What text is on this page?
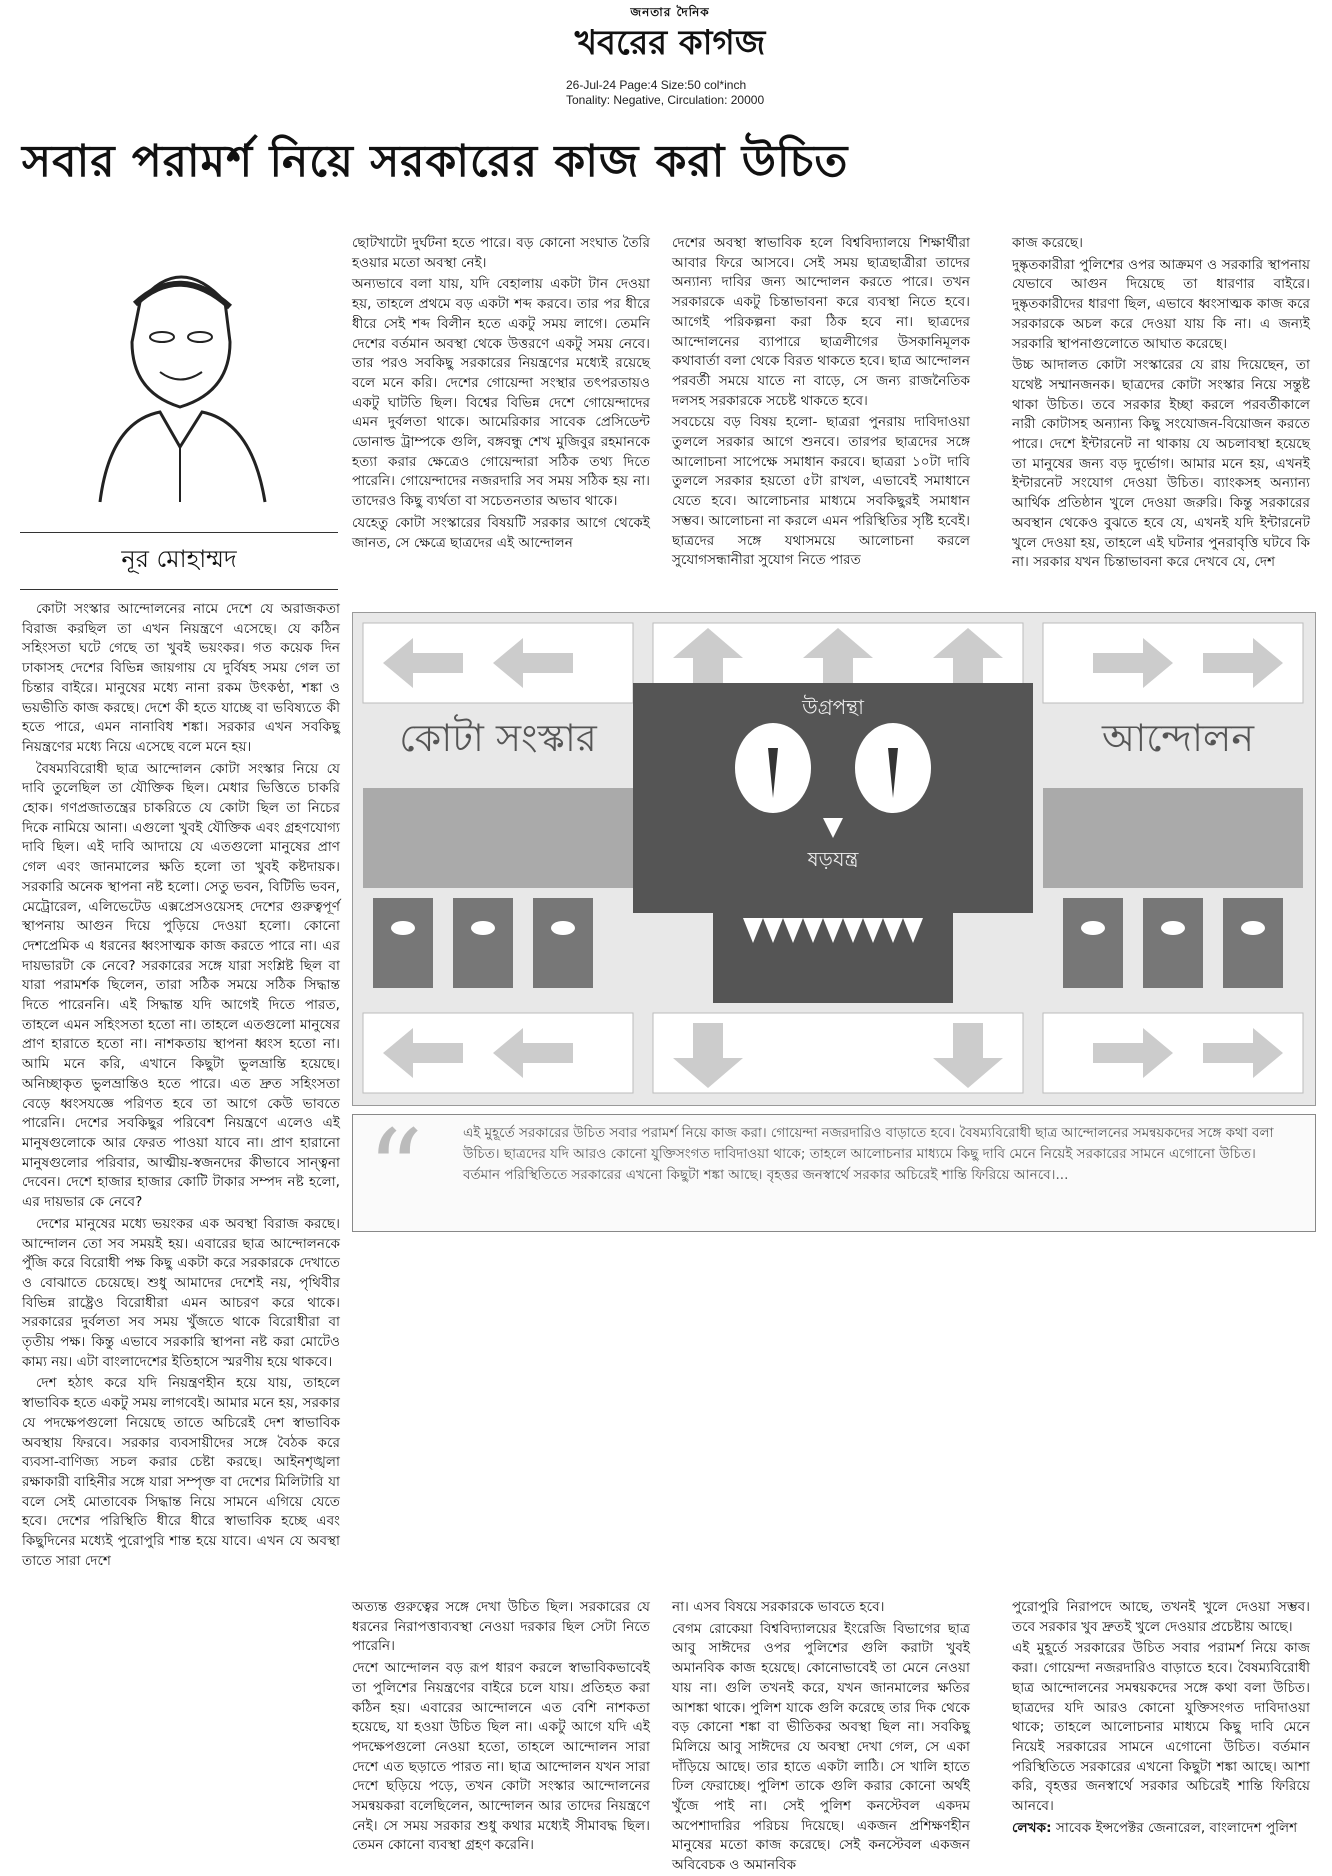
জনতার দৈনিক
খবরের কাগজ
26-Jul-24 Page:4 Size:50 col*inch
Tonality: Negative, Circulation: 20000
সবার পরামর্শ নিয়ে সরকারের কাজ করা উচিত
নূর মোহাম্মদ

কোটা সংস্কার আন্দোলনের নামে দেশে যে অরাজকতা বিরাজ করছিল তা এখন নিয়ন্ত্রণে এসেছে। যে কঠিন সহিংসতা ঘটে গেছে তা খুবই ভয়ংকর। গত কয়েক দিন ঢাকাসহ দেশের বিভিন্ন জায়গায় যে দুর্বিষহ সময় গেল তা চিন্তার বাইরে। মানুষের মধ্যে নানা রকম উৎকণ্ঠা, শঙ্কা ও ভয়ভীতি কাজ করছে। দেশে কী হতে যাচ্ছে বা ভবিষ্যতে কী হতে পারে, এমন নানাবিধ শঙ্কা। সরকার এখন সবকিছু নিয়ন্ত্রণের মধ্যে নিয়ে এসেছে বলে মনে হয়।

বৈষম্যবিরোধী ছাত্র আন্দোলন কোটা সংস্কার নিয়ে যে দাবি তুলেছিল তা যৌক্তিক ছিল। মেধার ভিত্তিতে চাকরি হোক। গণপ্রজাতন্ত্রের চাকরিতে যে কোটা ছিল তা নিচের দিকে নামিয়ে আনা। এগুলো খুবই যৌক্তিক এবং গ্রহণযোগ্য দাবি ছিল। এই দাবি আদায়ে যে এতগুলো মানুষের প্রাণ গেল এবং জানমালের ক্ষতি হলো তা খুবই কষ্টদায়ক। সরকারি অনেক স্থাপনা নষ্ট হলো। সেতু ভবন, বিটিভি ভবন, মেট্রোরেল, এলিভেটেড এক্সপ্রেসওয়েসহ দেশের গুরুত্বপূর্ণ স্থাপনায় আগুন দিয়ে পুড়িয়ে দেওয়া হলো। কোনো দেশপ্রেমিক এ ধরনের ধ্বংসাত্মক কাজ করতে পারে না। এর দায়ভারটা কে নেবে? সরকারের সঙ্গে যারা সংশ্লিষ্ট ছিল বা যারা পরামর্শক ছিলেন, তারা সঠিক সময়ে সঠিক সিদ্ধান্ত দিতে পারেননি। এই সিদ্ধান্ত যদি আগেই দিতে পারত, তাহলে এমন সহিংসতা হতো না। তাহলে এতগুলো মানুষের প্রাণ হারাতে হতো না। নাশকতায় স্থাপনা ধ্বংস হতো না। আমি মনে করি, এখানে কিছুটা ভুলভ্রান্তি হয়েছে। অনিচ্ছাকৃত ভুলভ্রান্তিও হতে পারে। এত দ্রুত সহিংসতা বেড়ে ধ্বংসযজ্ঞে পরিণত হবে তা আগে কেউ ভাবতে পারেনি। দেশের সবকিছুর পরিবেশ নিয়ন্ত্রণে এলেও এই মানুষগুলোকে আর ফেরত পাওয়া যাবে না। প্রাণ হারানো মানুষগুলোর পরিবার, আত্মীয়-স্বজনদের কীভাবে সান্ত্বনা দেবেন। দেশে হাজার হাজার কোটি টাকার সম্পদ নষ্ট হলো, এর দায়ভার কে নেবে?

দেশের মানুষের মধ্যে ভয়ংকর এক অবস্থা বিরাজ করছে। আন্দোলন তো সব সময়ই হয়। এবারের ছাত্র আন্দোলনকে পুঁজি করে বিরোধী পক্ষ কিছু একটা করে সরকারকে দেখাতে ও বোঝাতে চেয়েছে। শুধু আমাদের দেশেই নয়, পৃথিবীর বিভিন্ন রাষ্ট্রেও বিরোধীরা এমন আচরণ করে থাকে। সরকারের দুর্বলতা সব সময় খুঁজতে থাকে বিরোধীরা বা তৃতীয় পক্ষ। কিন্তু এভাবে সরকারি স্থাপনা নষ্ট করা মোটেও কাম্য নয়। এটা বাংলাদেশের ইতিহাসে স্মরণীয় হয়ে থাকবে।

দেশ হঠাৎ করে যদি নিয়ন্ত্রণহীন হয়ে যায়, তাহলে স্বাভাবিক হতে একটু সময় লাগবেই। আমার মনে হয়, সরকার যে পদক্ষেপগুলো নিয়েছে তাতে অচিরেই দেশ স্বাভাবিক অবস্থায় ফিরবে। সরকার ব্যবসায়ীদের সঙ্গে বৈঠক করে ব্যবসা-বাণিজ্য সচল করার চেষ্টা করছে। আইনশৃঙ্খলা রক্ষাকারী বাহিনীর সঙ্গে যারা সম্পৃক্ত বা দেশের মিলিটারি যা বলে সেই মোতাবেক সিদ্ধান্ত নিয়ে সামনে এগিয়ে যেতে হবে। দেশের পরিস্থিতি ধীরে ধীরে স্বাভাবিক হচ্ছে এবং কিছুদিনের মধ্যেই পুরোপুরি শান্ত হয়ে যাবে। এখন যে অবস্থা তাতে সারা দেশে

ছোটখাটো দুর্ঘটনা হতে পারে। বড় কোনো সংঘাত তৈরি হওয়ার মতো অবস্থা নেই।

অন্যভাবে বলা যায়, যদি বেহালায় একটা টান দেওয়া হয়, তাহলে প্রথমে বড় একটা শব্দ করবে। তার পর ধীরে ধীরে সেই শব্দ বিলীন হতে একটু সময় লাগে। তেমনি দেশের বর্তমান অবস্থা থেকে উত্তরণে একটু সময় নেবে। তার পরও সবকিছু সরকারের নিয়ন্ত্রণের মধ্যেই রয়েছে বলে মনে করি। দেশের গোয়েন্দা সংস্থার তৎপরতায়ও একটু ঘাটতি ছিল। বিশ্বের বিভিন্ন দেশে গোয়েন্দাদের এমন দুর্বলতা থাকে। আমেরিকার সাবেক প্রেসিডেন্ট ডোনাল্ড ট্রাম্পকে গুলি, বঙ্গবন্ধু শেখ মুজিবুর রহমানকে হত্যা করার ক্ষেত্রেও গোয়েন্দারা সঠিক তথ্য দিতে পারেনি। গোয়েন্দাদের নজরদারি সব সময় সঠিক হয় না। তাদেরও কিছু ব্যর্থতা বা সচেতনতার অভাব থাকে।

যেহেতু কোটা সংস্কারের বিষয়টি সরকার আগে থেকেই জানত, সে ক্ষেত্রে ছাত্রদের এই আন্দোলন

দেশের অবস্থা স্বাভাবিক হলে বিশ্ববিদ্যালয়ে শিক্ষার্থীরা আবার ফিরে আসবে। সেই সময় ছাত্রছাত্রীরা তাদের অন্যান্য দাবির জন্য আন্দোলন করতে পারে। তখন সরকারকে একটু চিন্তাভাবনা করে ব্যবস্থা নিতে হবে। আগেই পরিকল্পনা করা ঠিক হবে না। ছাত্রদের আন্দোলনের ব্যাপারে ছাত্রলীগের উসকানিমূলক কথাবার্তা বলা থেকে বিরত থাকতে হবে। ছাত্র আন্দোলন পরবর্তী সময়ে যাতে না বাড়ে, সে জন্য রাজনৈতিক দলসহ সরকারকে সচেষ্ট থাকতে হবে।

সবচেয়ে বড় বিষয় হলো- ছাত্ররা পুনরায় দাবিদাওয়া তুললে সরকার আগে শুনবে। তারপর ছাত্রদের সঙ্গে আলোচনা সাপেক্ষে সমাধান করবে। ছাত্ররা ১০টা দাবি তুললে সরকার হয়তো ৫টা রাখল, এভাবেই সমাধানে যেতে হবে। আলোচনার মাধ্যমে সবকিছুরই সমাধান সম্ভব। আলোচনা না করলে এমন পরিস্থিতির সৃষ্টি হবেই। ছাত্রদের সঙ্গে যথাসময়ে আলোচনা করলে সুযোগসন্ধানীরা সুযোগ নিতে পারত

কাজ করেছে।

দুষ্কৃতকারীরা পুলিশের ওপর আক্রমণ ও সরকারি স্থাপনায় যেভাবে আগুন দিয়েছে তা ধারণার বাইরে। দুষ্কৃতকারীদের ধারণা ছিল, এভাবে ধ্বংসাত্মক কাজ করে সরকারকে অচল করে দেওয়া যায় কি না। এ জন্যই সরকারি স্থাপনাগুলোতে আঘাত করেছে।

উচ্চ আদালত কোটা সংস্কারের যে রায় দিয়েছেন, তা যথেষ্ট সম্মানজনক। ছাত্রদের কোটা সংস্কার নিয়ে সন্তুষ্ট থাকা উচিত। তবে সরকার ইচ্ছা করলে পরবর্তীকালে নারী কোটাসহ অন্যান্য কিছু সংযোজন-বিয়োজন করতে পারে। দেশে ইন্টারনেট না থাকায় যে অচলাবস্থা হয়েছে তা মানুষের জন্য বড় দুর্ভোগ। আমার মনে হয়, এখনই ইন্টারনেট সংযোগ দেওয়া উচিত। ব্যাংকসহ অন্যান্য আর্থিক প্রতিষ্ঠান খুলে দেওয়া জরুরি। কিন্তু সরকারের অবস্থান থেকেও বুঝতে হবে যে, এখনই যদি ইন্টারনেট খুলে দেওয়া হয়, তাহলে এই ঘটনার পুনরাবৃত্তি ঘটবে কি না। সরকার যখন চিন্তাভাবনা করে দেখবে যে, দেশ

কোটা সংস্কার	আন্দোলন
উগ্রপন্থা
ষড়যন্ত্র
“	এই মুহূর্তে সরকারের উচিত সবার পরামর্শ নিয়ে কাজ করা। গোয়েন্দা নজরদারিও বাড়াতে হবে। বৈষম্যবিরোধী ছাত্র আন্দোলনের সমন্বয়কদের সঙ্গে কথা বলা উচিত। ছাত্রদের যদি আরও কোনো যুক্তিসংগত দাবিদাওয়া থাকে; তাহলে আলোচনার মাধ্যমে কিছু দাবি মেনে নিয়েই সরকারের সামনে এগোনো উচিত। বর্তমান পরিস্থিতিতে সরকারের এখনো কিছুটা শঙ্কা আছে। বৃহত্তর জনস্বার্থে সরকার অচিরেই শান্তি ফিরিয়ে আনবে।...

অত্যন্ত গুরুত্বের সঙ্গে দেখা উচিত ছিল। সরকারের যে ধরনের নিরাপত্তাব্যবস্থা নেওয়া দরকার ছিল সেটা নিতে পারেনি।

দেশে আন্দোলন বড় রূপ ধারণ করলে স্বাভাবিকভাবেই তা পুলিশের নিয়ন্ত্রণের বাইরে চলে যায়। প্রতিহত করা কঠিন হয়। এবারের আন্দোলনে এত বেশি নাশকতা হয়েছে, যা হওয়া উচিত ছিল না। একটু আগে যদি এই পদক্ষেপগুলো নেওয়া হতো, তাহলে আন্দোলন সারা দেশে এত ছড়াতে পারত না। ছাত্র আন্দোলন যখন সারা দেশে ছড়িয়ে পড়ে, তখন কোটা সংস্কার আন্দোলনের সমন্বয়করা বলেছিলেন, আন্দোলন আর তাদের নিয়ন্ত্রণে নেই। সে সময় সরকার শুধু কথার মধ্যেই সীমাবদ্ধ ছিল। তেমন কোনো ব্যবস্থা গ্রহণ করেনি।

না। এসব বিষয়ে সরকারকে ভাবতে হবে।

বেগম রোকেয়া বিশ্ববিদ্যালয়ের ইংরেজি বিভাগের ছাত্র আবু সাঈদের ওপর পুলিশের গুলি করাটা খুবই অমানবিক কাজ হয়েছে। কোনোভাবেই তা মেনে নেওয়া যায় না। গুলি তখনই করে, যখন জানমালের ক্ষতির আশঙ্কা থাকে। পুলিশ যাকে গুলি করেছে তার দিক থেকে বড় কোনো শঙ্কা বা ভীতিকর অবস্থা ছিল না। সবকিছু মিলিয়ে আবু সাঈদের যে অবস্থা দেখা গেল, সে একা দাঁড়িয়ে আছে। তার হাতে একটা লাঠি। সে খালি হাতে ঢিল ফেরাচ্ছে। পুলিশ তাকে গুলি করার কোনো অর্থই খুঁজে পাই না। সেই পুলিশ কনস্টেবল একদম অপেশাদারির পরিচয় দিয়েছে। একজন প্রশিক্ষণহীন মানুষের মতো কাজ করেছে। সেই কনস্টেবল একজন অবিবেচক ও অমানবিক

পুরোপুরি নিরাপদে আছে, তখনই খুলে দেওয়া সম্ভব। তবে সরকার খুব দ্রুতই খুলে দেওয়ার প্রচেষ্টায় আছে।

এই মুহূর্তে সরকারের উচিত সবার পরামর্শ নিয়ে কাজ করা। গোয়েন্দা নজরদারিও বাড়াতে হবে। বৈষম্যবিরোধী ছাত্র আন্দোলনের সমন্বয়কদের সঙ্গে কথা বলা উচিত। ছাত্রদের যদি আরও কোনো যুক্তিসংগত দাবিদাওয়া থাকে; তাহলে আলোচনার মাধ্যমে কিছু দাবি মেনে নিয়েই সরকারের সামনে এগোনো উচিত। বর্তমান পরিস্থিতিতে সরকারের এখনো কিছুটা শঙ্কা আছে। আশা করি, বৃহত্তর জনস্বার্থে সরকার অচিরেই শান্তি ফিরিয়ে আনবে।

লেখক: সাবেক ইন্সপেক্টর জেনারেল, বাংলাদেশ পুলিশ
